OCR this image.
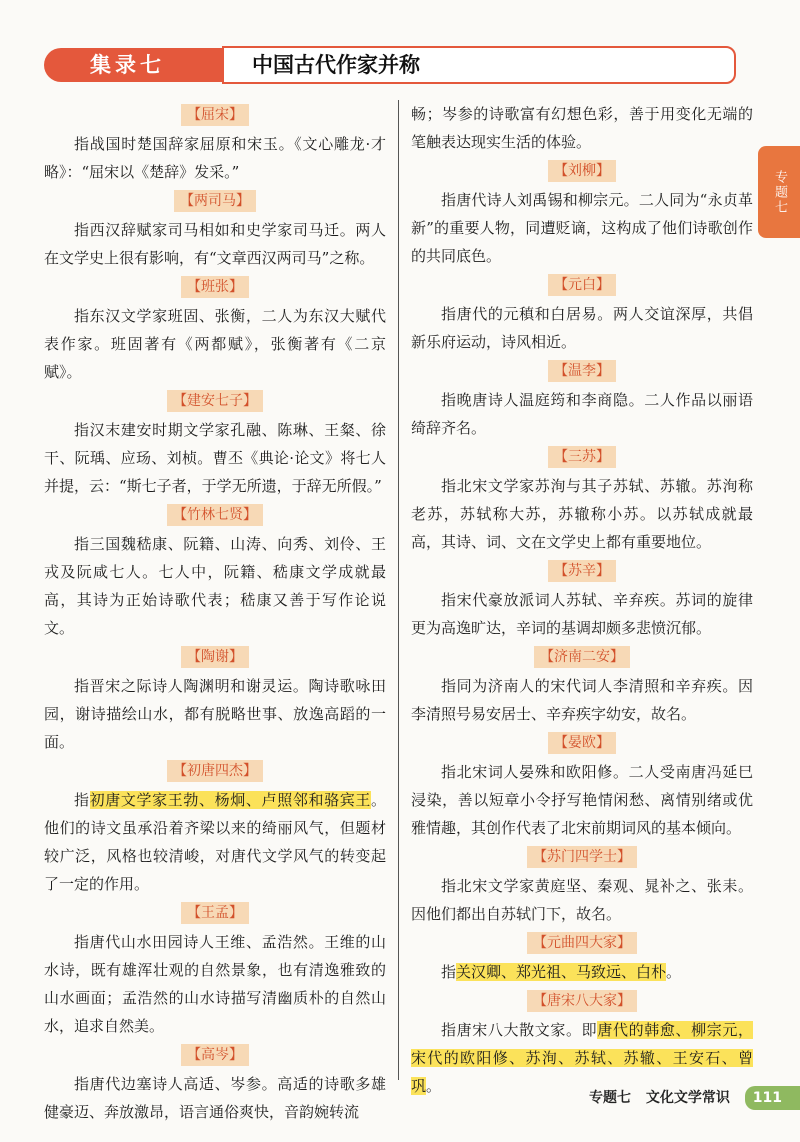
集录七	中国古代作家并称
专题七
【屈宋】

指战国时楚国辞家屈原和宋玉。《文心雕龙·才略》：“屈宋以《楚辞》发采。”

【两司马】

指西汉辞赋家司马相如和史学家司马迁。两人在文学史上很有影响，有“文章西汉两司马”之称。

【班张】

指东汉文学家班固、张衡，二人为东汉大赋代表作家。班固著有《两都赋》，张衡著有《二京赋》。

【建安七子】

指汉末建安时期文学家孔融、陈琳、王粲、徐干、阮瑀、应玚、刘桢。曹丕《典论·论文》将七人并提，云：“斯七子者，于学无所遗，于辞无所假。”

【竹林七贤】

指三国魏嵇康、阮籍、山涛、向秀、刘伶、王戎及阮咸七人。七人中，阮籍、嵇康文学成就最高，其诗为正始诗歌代表；嵇康又善于写作论说文。

【陶谢】

指晋宋之际诗人陶渊明和谢灵运。陶诗歌咏田园，谢诗描绘山水，都有脱略世事、放逸高蹈的一面。

【初唐四杰】

指初唐文学家王勃、杨炯、卢照邻和骆宾王。他们的诗文虽承沿着齐梁以来的绮丽风气，但题材较广泛，风格也较清峻，对唐代文学风气的转变起了一定的作用。

【王孟】

指唐代山水田园诗人王维、孟浩然。王维的山水诗，既有雄浑壮观的自然景象，也有清逸雅致的山水画面；孟浩然的山水诗描写清幽质朴的自然山水，追求自然美。

【高岑】

指唐代边塞诗人高适、岑参。高适的诗歌多雄健豪迈、奔放激昂，语言通俗爽快，音韵婉转流

畅；岑参的诗歌富有幻想色彩，善于用变化无端的笔触表达现实生活的体验。

【刘柳】

指唐代诗人刘禹锡和柳宗元。二人同为“永贞革新”的重要人物，同遭贬谪，这构成了他们诗歌创作的共同底色。

【元白】

指唐代的元稹和白居易。两人交谊深厚，共倡新乐府运动，诗风相近。

【温李】

指晚唐诗人温庭筠和李商隐。二人作品以丽语绮辞齐名。

【三苏】

指北宋文学家苏洵与其子苏轼、苏辙。苏洵称老苏，苏轼称大苏，苏辙称小苏。以苏轼成就最高，其诗、词、文在文学史上都有重要地位。

【苏辛】

指宋代豪放派词人苏轼、辛弃疾。苏词的旋律更为高逸旷达，辛词的基调却颇多悲愤沉郁。

【济南二安】

指同为济南人的宋代词人李清照和辛弃疾。因李清照号易安居士、辛弃疾字幼安，故名。

【晏欧】

指北宋词人晏殊和欧阳修。二人受南唐冯延巳浸染，善以短章小令抒写艳情闲愁、离情别绪或优雅情趣，其创作代表了北宋前期词风的基本倾向。

【苏门四学士】

指北宋文学家黄庭坚、秦观、晁补之、张耒。因他们都出自苏轼门下，故名。

【元曲四大家】

指关汉卿、郑光祖、马致远、白朴。

【唐宋八大家】

指唐宋八大散文家。即唐代的韩愈、柳宗元，宋代的欧阳修、苏洵、苏轼、苏辙、王安石、曾巩。

专题七 文化文学常识 111
